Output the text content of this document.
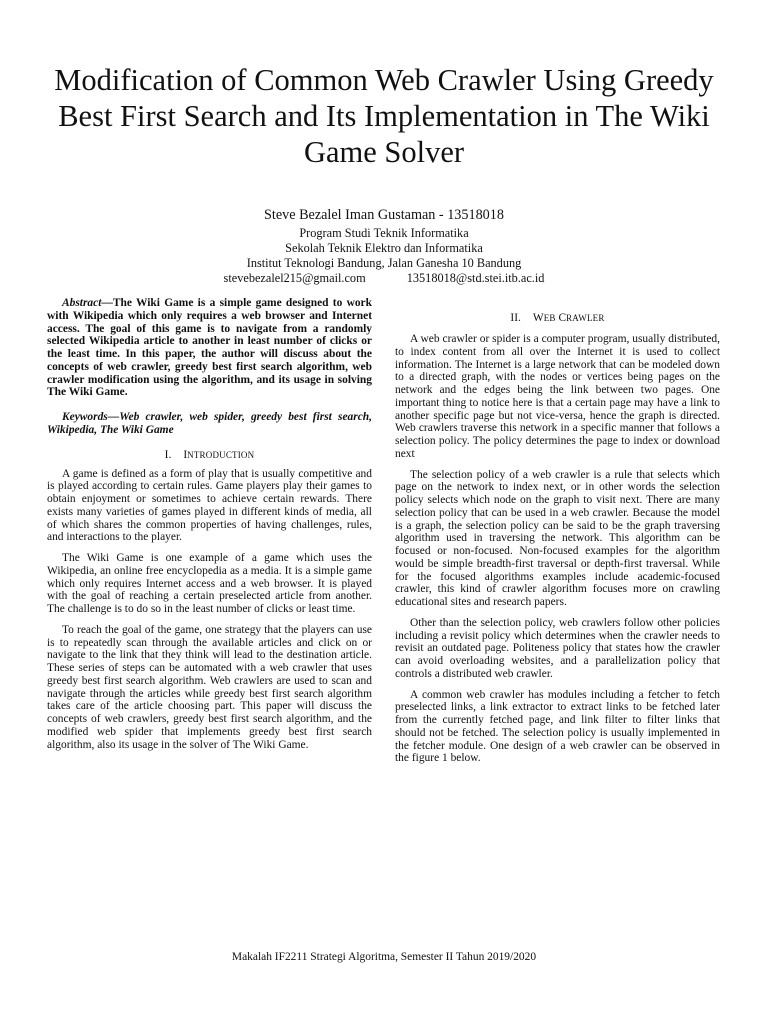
Modification of Common Web Crawler Using Greedy Best First Search and Its Implementation in The Wiki Game Solver
Steve Bezalel Iman Gustaman - 13518018
Program Studi Teknik Informatika
Sekolah Teknik Elektro dan Informatika
Institut Teknologi Bandung, Jalan Ganesha 10 Bandung
stevebezalel215@gmail.com	13518018@std.stei.itb.ac.id

Abstract—The Wiki Game is a simple game designed to work with Wikipedia which only requires a web browser and Internet access. The goal of this game is to navigate from a randomly selected Wikipedia article to another in least number of clicks or the least time. In this paper, the author will discuss about the concepts of web crawler, greedy best first search algorithm, web crawler modification using the algorithm, and its usage in solving The Wiki Game.

Keywords—Web crawler, web spider, greedy best first search, Wikipedia, The Wiki Game

I. INTRODUCTION

A game is defined as a form of play that is usually competitive and is played according to certain rules. Game players play their games to obtain enjoyment or sometimes to achieve certain rewards. There exists many varieties of games played in different kinds of media, all of which shares the common properties of having challenges, rules, and interactions to the player.

The Wiki Game is one example of a game which uses the Wikipedia, an online free encyclopedia as a media. It is a simple game which only requires Internet access and a web browser. It is played with the goal of reaching a certain preselected article from another. The challenge is to do so in the least number of clicks or least time.

To reach the goal of the game, one strategy that the players can use is to repeatedly scan through the available articles and click on or navigate to the link that they think will lead to the destination article. These series of steps can be automated with a web crawler that uses greedy best first search algorithm. Web crawlers are used to scan and navigate through the articles while greedy best first search algorithm takes care of the article choosing part. This paper will discuss the concepts of web crawlers, greedy best first search algorithm, and the modified web spider that implements greedy best first search algorithm, also its usage in the solver of The Wiki Game.

II. WEB CRAWLER

A web crawler or spider is a computer program, usually distributed, to index content from all over the Internet it is used to collect information. The Internet is a large network that can be modeled down to a directed graph, with the nodes or vertices being pages on the network and the edges being the link between two pages. One important thing to notice here is that a certain page may have a link to another specific page but not vice-versa, hence the graph is directed. Web crawlers traverse this network in a specific manner that follows a selection policy. The policy determines the page to index or download next

The selection policy of a web crawler is a rule that selects which page on the network to index next, or in other words the selection policy selects which node on the graph to visit next. There are many selection policy that can be used in a web crawler. Because the model is a graph, the selection policy can be said to be the graph traversing algorithm used in traversing the network. This algorithm can be focused or non-focused. Non-focused examples for the algorithm would be simple breadth-first traversal or depth-first traversal. While for the focused algorithms examples include academic-focused crawler, this kind of crawler algorithm focuses more on crawling educational sites and research papers.

Other than the selection policy, web crawlers follow other policies including a revisit policy which determines when the crawler needs to revisit an outdated page. Politeness policy that states how the crawler can avoid overloading websites, and a parallelization policy that controls a distributed web crawler.

A common web crawler has modules including a fetcher to fetch preselected links, a link extractor to extract links to be fetched later from the currently fetched page, and link filter to filter links that should not be fetched. The selection policy is usually implemented in the fetcher module. One design of a web crawler can be observed in the figure 1 below.

Makalah IF2211 Strategi Algoritma, Semester II Tahun 2019/2020
